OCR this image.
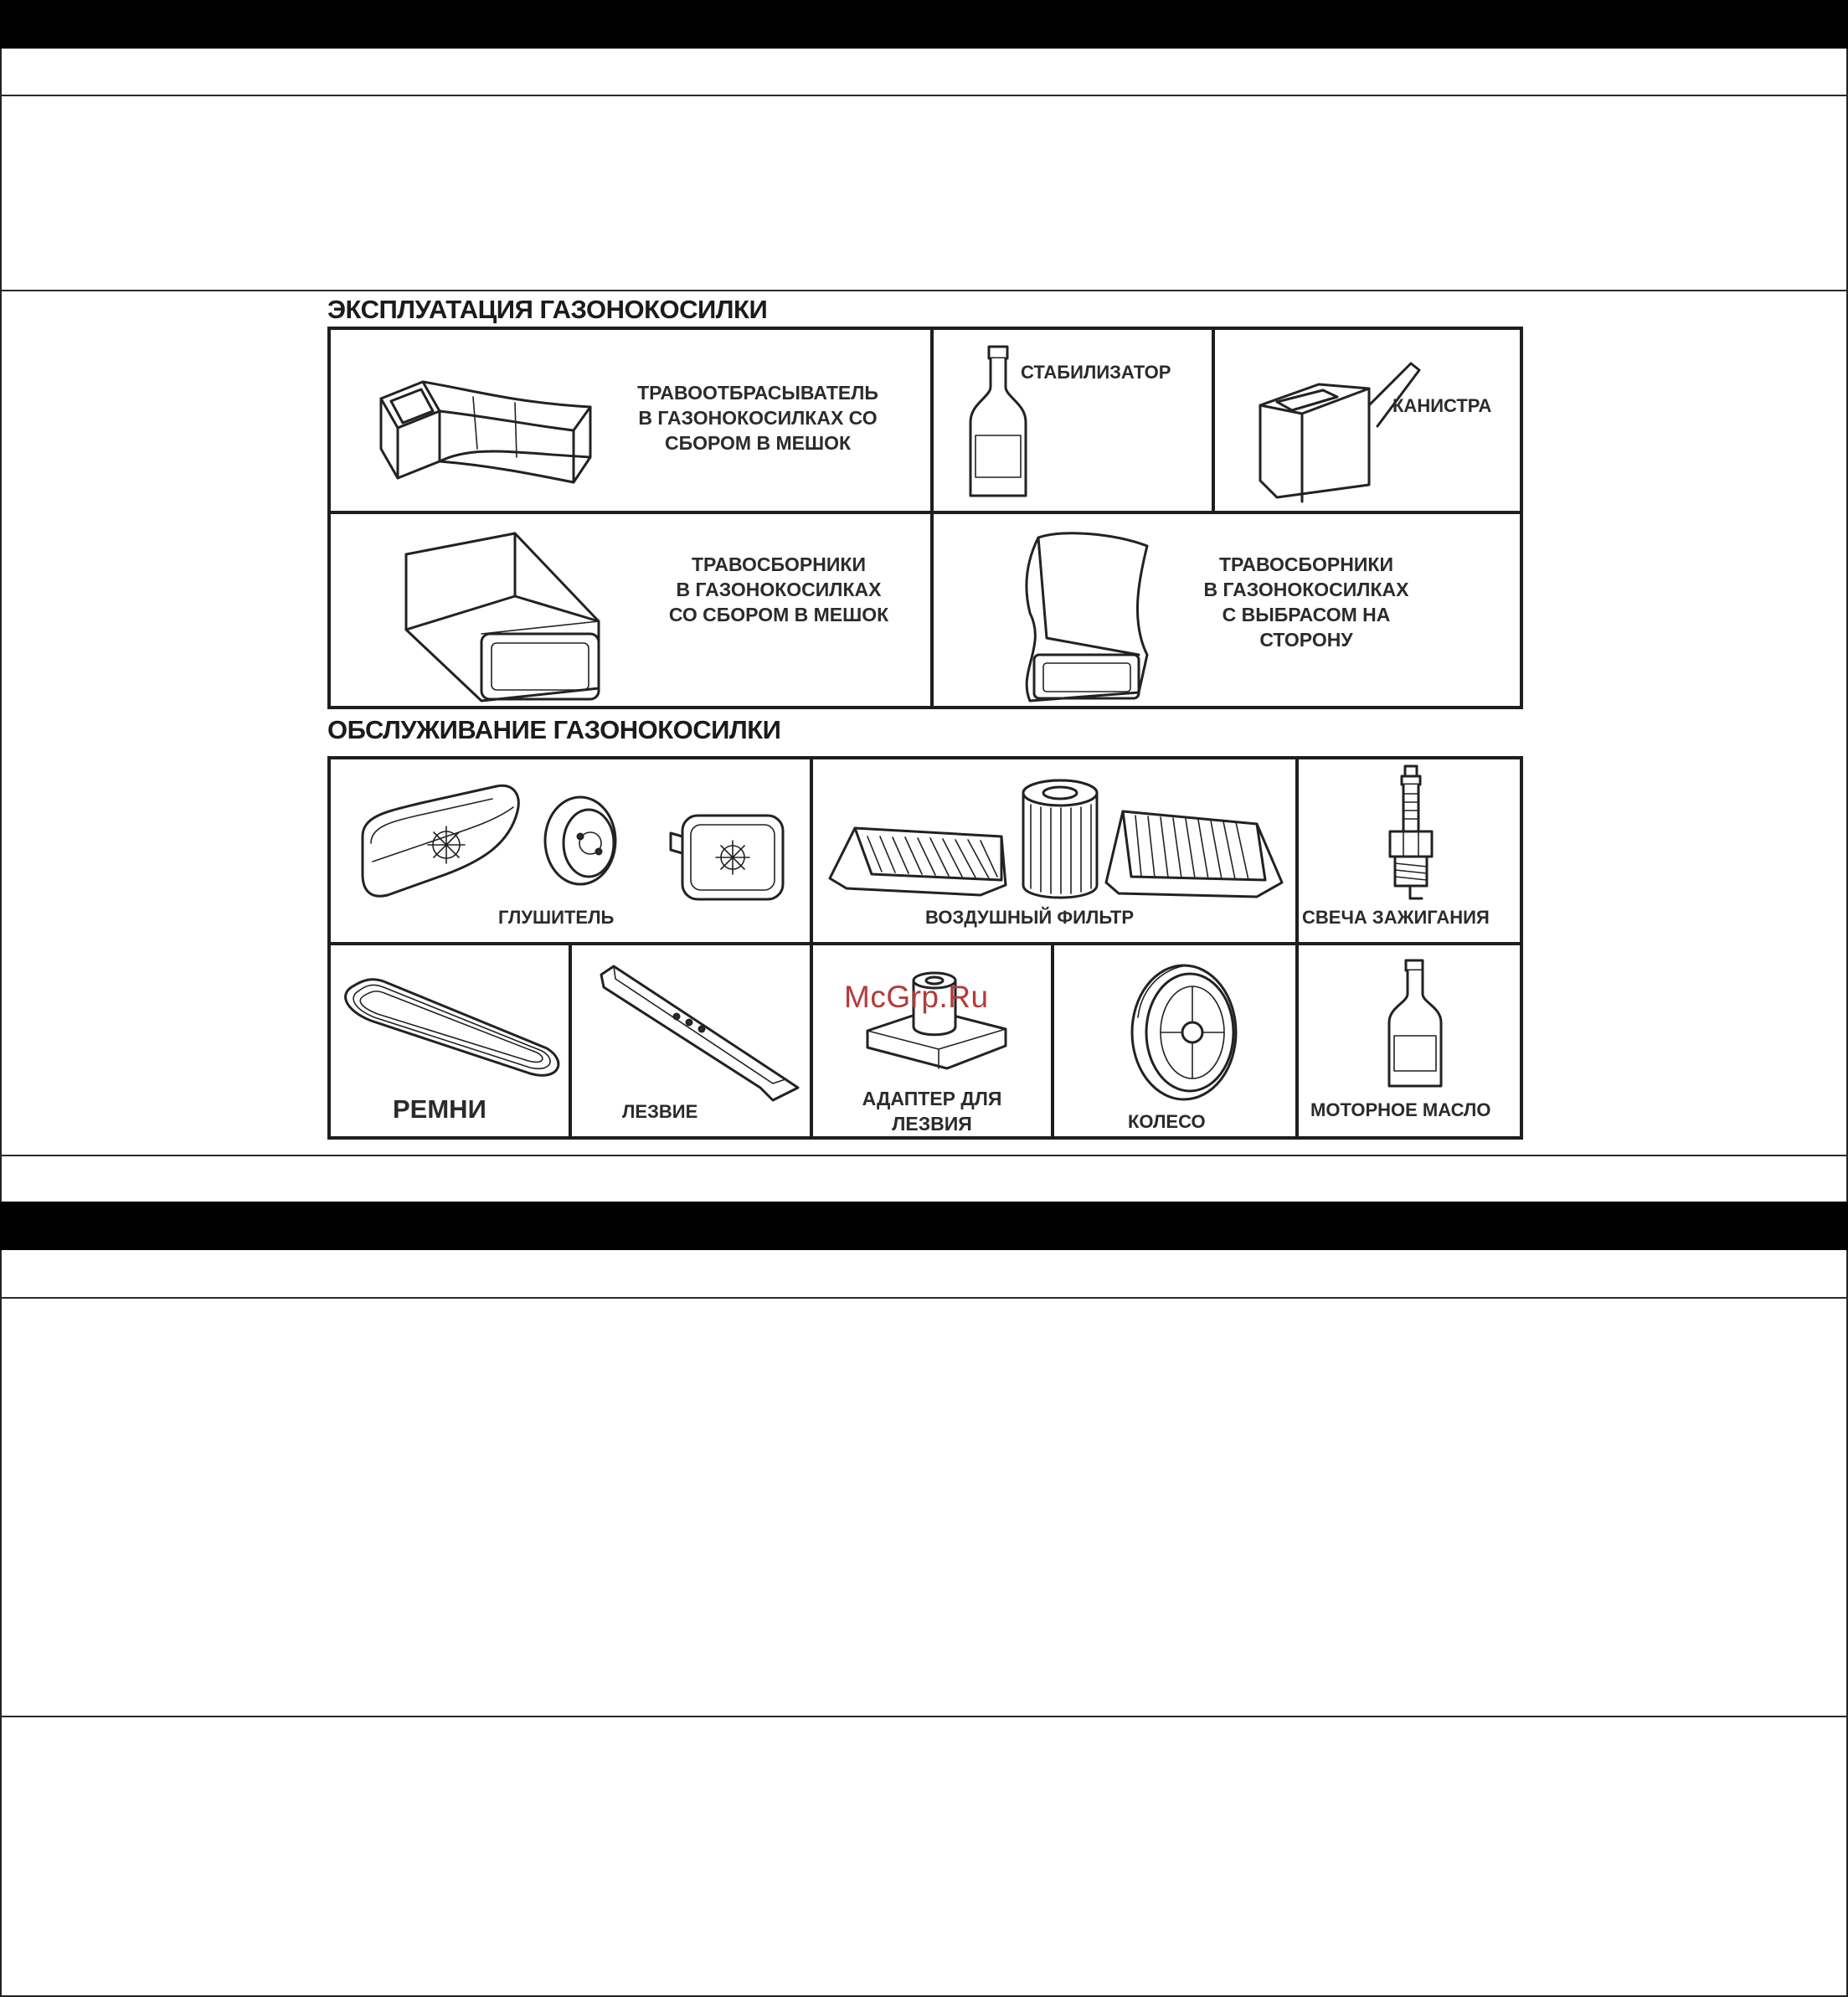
ЭКСПЛУАТАЦИЯ ГАЗОНОКОСИЛКИ
ТРАВООТБРАСЫВАТЕЛЬ
В ГАЗОНОКОСИЛКАХ СО
СБОРОМ В МЕШОК
СТАБИЛИЗАТОР
КАНИСТРА
ТРАВОСБОРНИКИ
В ГАЗОНОКОСИЛКАХ
СО СБОРОМ В МЕШОК
ТРАВОСБОРНИКИ
В ГАЗОНОКОСИЛКАХ
С ВЫБРАСОМ НА
СТОРОНУ
ОБСЛУЖИВАНИЕ ГАЗОНОКОСИЛКИ
ГЛУШИТЕЛЬ	ВОЗДУШНЫЙ ФИЛЬТР	СВЕЧА ЗАЖИГАНИЯ
РЕМНИ	ЛЕЗВИЕ
АДАПТЕР ДЛЯ
ЛЕЗВИЯ	КОЛЕСО
МОТОРНОЕ МАСЛО
McGrp.Ru
